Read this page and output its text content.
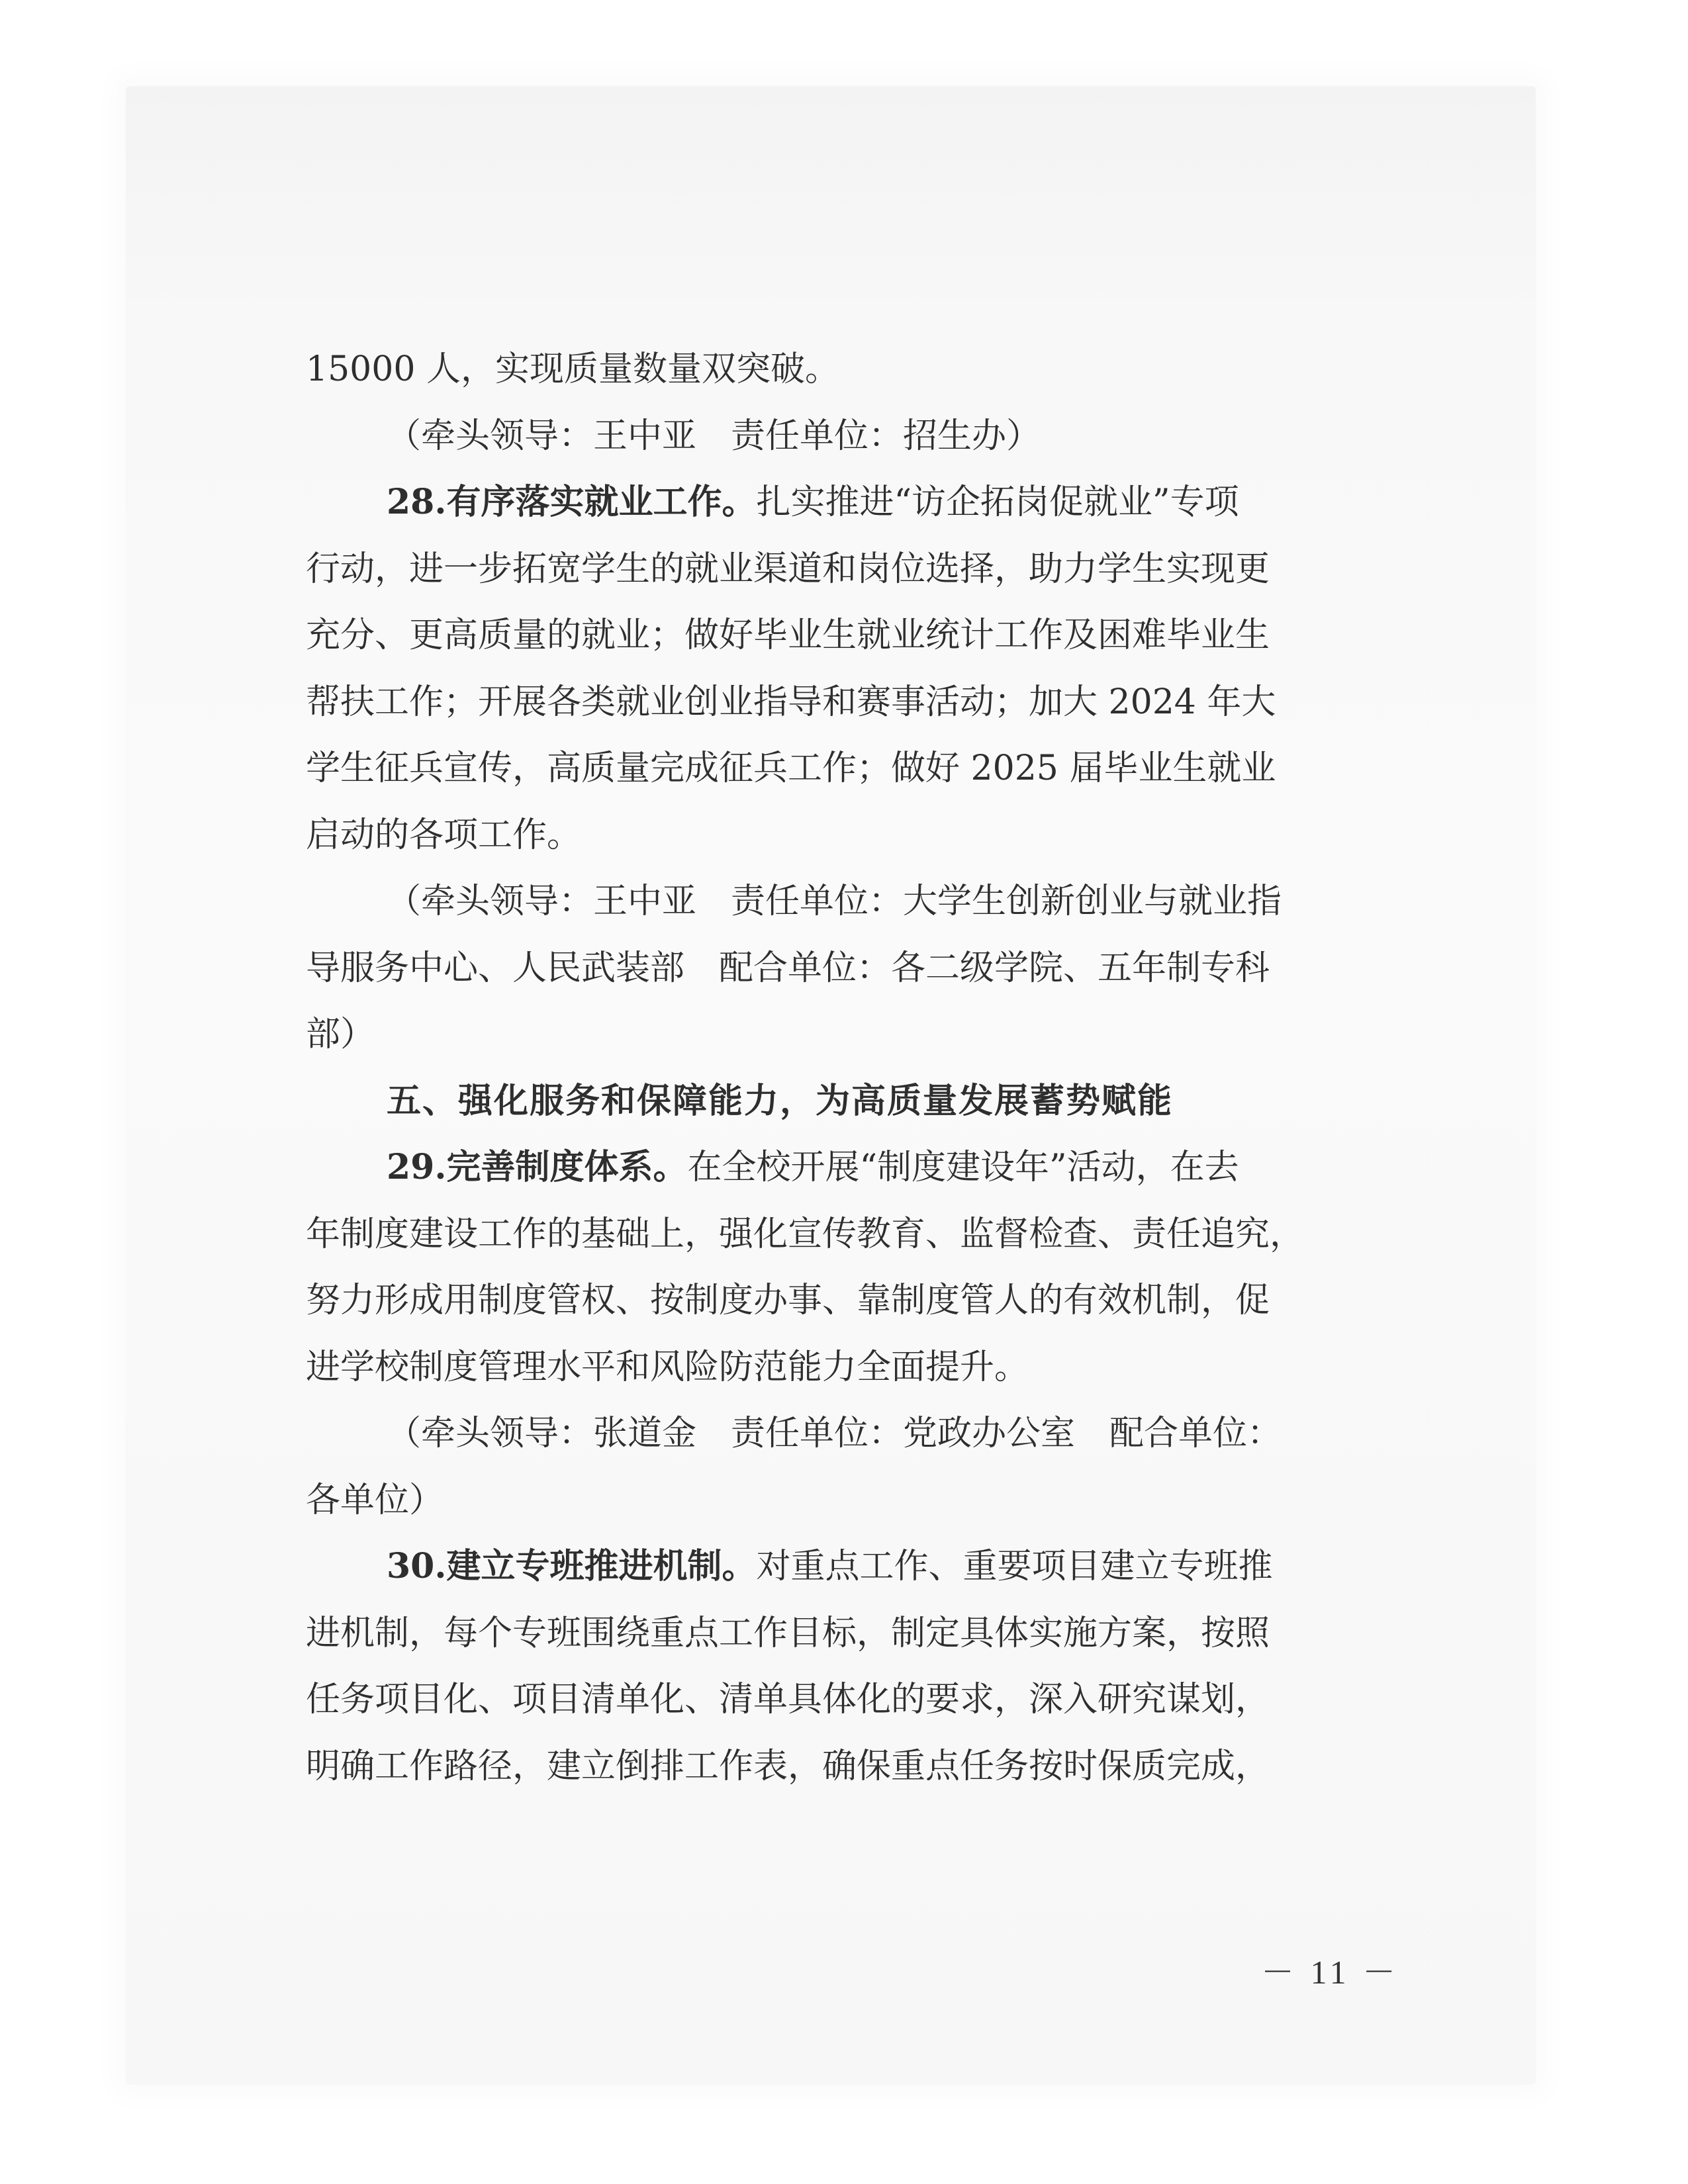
15000 人，实现质量数量双突破。
（牵头领导：王中亚　责任单位：招生办）
28.有序落实就业工作。扎实推进“访企拓岗促就业”专项
行动，进一步拓宽学生的就业渠道和岗位选择，助力学生实现更
充分、更高质量的就业；做好毕业生就业统计工作及困难毕业生
帮扶工作；开展各类就业创业指导和赛事活动；加大 2024 年大
学生征兵宣传，高质量完成征兵工作；做好 2025 届毕业生就业
启动的各项工作。
（牵头领导：王中亚　责任单位：大学生创新创业与就业指
导服务中心、人民武装部　配合单位：各二级学院、五年制专科
部）
五、强化服务和保障能力，为高质量发展蓄势赋能
29.完善制度体系。在全校开展“制度建设年”活动，在去
年制度建设工作的基础上，强化宣传教育、监督检查、责任追究，
努力形成用制度管权、按制度办事、靠制度管人的有效机制，促
进学校制度管理水平和风险防范能力全面提升。
（牵头领导：张道金　责任单位：党政办公室　配合单位：
各单位）
30.建立专班推进机制。对重点工作、重要项目建立专班推
进机制，每个专班围绕重点工作目标，制定具体实施方案，按照
任务项目化、项目清单化、清单具体化的要求，深入研究谋划，
明确工作路径，建立倒排工作表，确保重点任务按时保质完成，
－ 11 －
